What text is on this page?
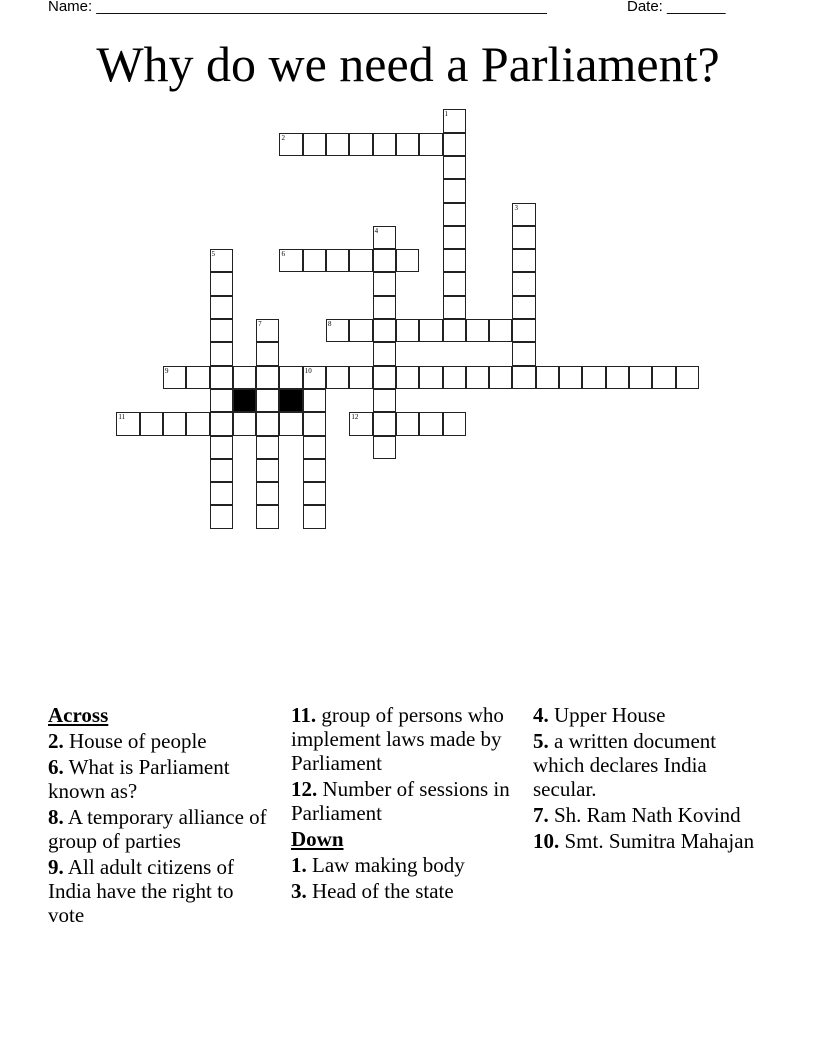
Name: ______________________________________________________	Date: _______
Why do we need a Parliament?
1
2
3
4
5	6
7	8
9	10
11	12
Across
2. House of people
6. What is Parliament known as?
8. A temporary alliance of group of parties
9. All adult citizens of India have the right to vote
11. group of persons who implement laws made by Parliament
12. Number of sessions in Parliament
Down
1. Law making body
3. Head of the state
4. Upper House
5. a written document which declares India secular.
7. Sh. Ram Nath Kovind
10. Smt. Sumitra Mahajan
